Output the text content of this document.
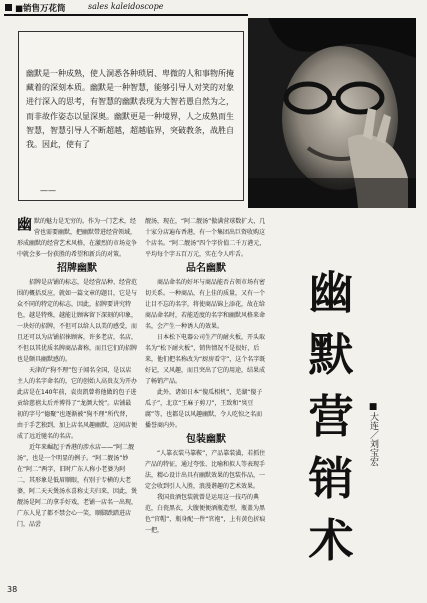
■销售万花筒	sales kaleidoscope
幽默是一种成熟，使人洞悉各种琐屑、卑微的人和事物所掩藏着的深刻本质。幽默是一种智慧，能够引导人对笑的对象进行深入的思考，有智慧的幽默表现为大智若愚自然为之，而非故作姿态以显深奥。幽默更是一种境界，人之成熟而生智慧，智慧引导人不断超越，超越临界，突破教条，战胜自我。因此，使有了
——

幽默的魅力是无穷的。作为一门艺术，经营也需要幽默，把幽默带进经营领域，形成幽默的经营艺术风格，在激烈的市场竞争中就会多一份获胜的希望和新兵的对策。

招牌幽默

招牌是店铺的标志，是经营品种、经营范围的概括反应，就如一篇文章的题目，它是与众不同的特定的标志，因此，招牌要讲究特色，越是特殊，越能让顾客留下深刻的印象，一块好的招牌，不但可以给人以美的感受，而且还可以为店铺招徕顾客，许多老店，名店，不但以其优质名牌商品著称，而且它们的招牌也是颇具幽默感的。

天津的“狗不理”包子闻名全国，是以店主人的名字命名的，它的创始人高贵友为开办此店是在140年前，袁贵凯曾将他做的包子进贡给慈禧太后并博得了“龙颜大悦”。店铺最初的字号“德聚”也逐渐被“狗不理”所代替，由于手艺独到，加上店名风趣幽默，这间店便成了远近驰名的名店。

近年来崛起于香港的涉水店——“阿二靓汤”，也是一个明显的例子。“阿二靓汤”妙在“阿二”两字，旧时广东人称小老婆为阿二，其形象是低眉顺眼，有别于专横的大老婆，阿二天天煲汤水喜称丈夫归来，因此，煲靓汤是阿二的拿手好戏，老铺一店名一出现，广东人见了都不禁会心一笑，顺脚跌踏进店门，品尝

靓汤，现在，“阿二靓汤”傲满营球数扩大，几十家分店遍布香港，有一个集团出巨资收购这个店名。“阿二靓汤”四个字价值二千万港元，平均每个字五百万元，实在令人咋舌。

品名幽默

商品命名的好坏与商品能否占领市场有密切关系。一种商品，有上佳的质量，又有一个让目不忘的名字，将使商品锦上添花，故在给商品命名时，若能适度的名字和幽默风格来命名，会产生一种诱人的效果。

日本松下电器公司生产的耐火板，开头取名为“松下耐火板”，销售情况不是很好，后来，他们把名称改为“厨房看守”，这个名字既好记，又风趣，而且突出了它的用途，结果成了畅销产品。

此外，诸如日本“傻瓜相机”，芜湖“傻子瓜子”，北京“王麻子剪刀”，王致和“臭豆腐”等，也都是以风趣幽默，令人吃惊之名而播誉商内外。

包装幽默

“人靠衣装马靠鞍”，产品靠装潢，若抓住产品的特征，通过夸张、比喻和拟人等表现手法，精心设计出具有幽默效果的包装作品，一定会收到引人入胜，浪漫谐趣的艺术效果。

我国贵酒包装就曾是运用这一技巧的典范，白瓷黑衣，大腹便便酒瓶造型，瓶盖为黑色“官帽”，瓶身配一件“官袍”，上有黄色折痕一把，

幽
默
营
销
术
■大连／刘宝宏
38
